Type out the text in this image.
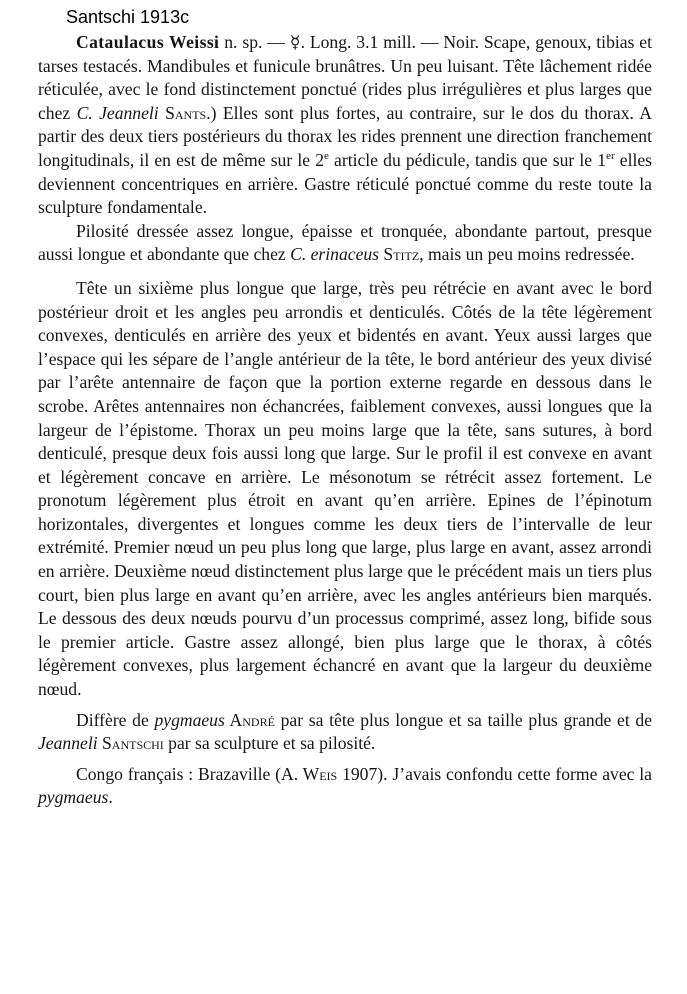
Santschi 1913c

Cataulacus Weissi n. sp. — ☿. Long. 3.1 mill. — Noir. Scape, genoux, tibias et tarses testacés. Mandibules et funicule brunâtres. Un peu luisant. Tête lâchement ridée réticulée, avec le fond distinctement ponctué (rides plus irrégulières et plus larges que chez C. Jeanneli Sants.) Elles sont plus fortes, au contraire, sur le dos du thorax. A partir des deux tiers postérieurs du thorax les rides prennent une direction franchement longitudinals, il en est de même sur le 2e article du pédicule, tandis que sur le 1er elles deviennent concentriques en arrière. Gastre réticulé ponctué comme du reste toute la sculpture fondamentale.

Pilosité dressée assez longue, épaisse et tronquée, abondante partout, presque aussi longue et abondante que chez C. erinaceus Stitz, mais un peu moins redressée.

Tête un sixième plus longue que large, très peu rétrécie en avant avec le bord postérieur droit et les angles peu arrondis et denticulés. Côtés de la tête légèrement convexes, denticulés en arrière des yeux et bidentés en avant. Yeux aussi larges que l’espace qui les sépare de l’angle antérieur de la tête, le bord antérieur des yeux divisé par l’arête antennaire de façon que la portion externe regarde en dessous dans le scrobe. Arêtes antennaires non échancrées, faiblement convexes, aussi longues que la largeur de l’épistome. Thorax un peu moins large que la tête, sans sutures, à bord denticulé, presque deux fois aussi long que large. Sur le profil il est convexe en avant et légèrement concave en arrière. Le mésonotum se rétrécit assez fortement. Le pronotum légèrement plus étroit en avant qu’en arrière. Epines de l’épinotum horizontales, divergentes et longues comme les deux tiers de l’intervalle de leur extrémité. Premier nœud un peu plus long que large, plus large en avant, assez arrondi en arrière. Deuxième nœud distinctement plus large que le précédent mais un tiers plus court, bien plus large en avant qu’en arrière, avec les angles antérieurs bien marqués. Le dessous des deux nœuds pourvu d’un processus comprimé, assez long, bifide sous le premier article. Gastre assez allongé, bien plus large que le thorax, à côtés légèrement convexes, plus largement échancré en avant que la largeur du deuxième nœud.

Diffère de pygmaeus André par sa tête plus longue et sa taille plus grande et de Jeanneli Santschi par sa sculpture et sa pilosité.

Congo français : Brazaville (A. Weis 1907). J’avais confondu cette forme avec la pygmaeus.
